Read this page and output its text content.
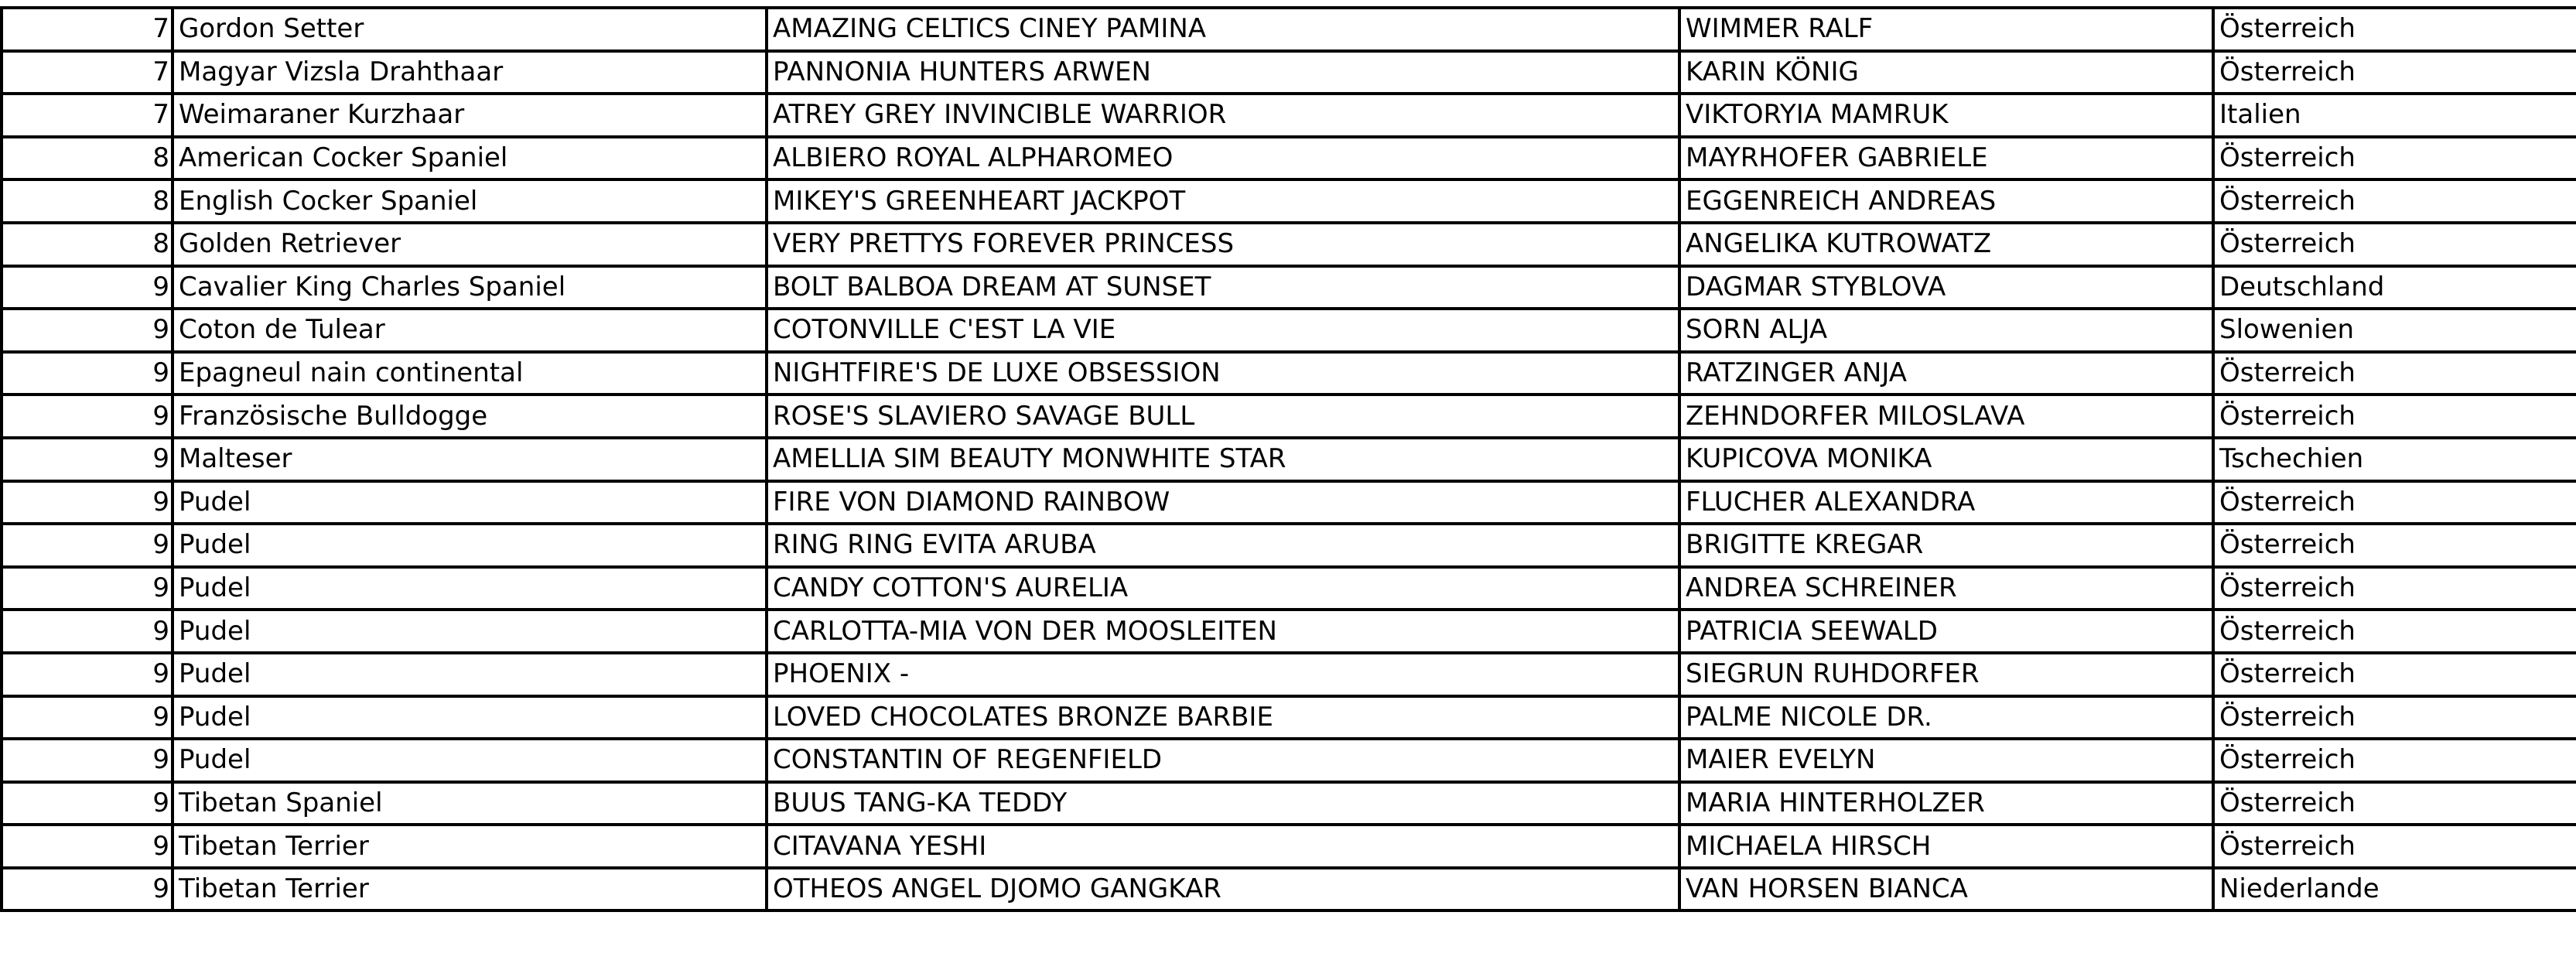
7	Gordon Setter	AMAZING CELTICS CINEY PAMINA	WIMMER RALF	Österreich
7	Magyar Vizsla Drahthaar	PANNONIA HUNTERS ARWEN	KARIN KÖNIG	Österreich
7	Weimaraner Kurzhaar	ATREY GREY INVINCIBLE WARRIOR	VIKTORYIA MAMRUK	Italien
8	American Cocker Spaniel	ALBIERO ROYAL ALPHAROMEO	MAYRHOFER GABRIELE	Österreich
8	English Cocker Spaniel	MIKEY'S GREENHEART JACKPOT	EGGENREICH ANDREAS	Österreich
8	Golden Retriever	VERY PRETTYS FOREVER PRINCESS	ANGELIKA KUTROWATZ	Österreich
9	Cavalier King Charles Spaniel	BOLT BALBOA DREAM AT SUNSET	DAGMAR STYBLOVA	Deutschland
9	Coton de Tulear	COTONVILLE C'EST LA VIE	SORN ALJA	Slowenien
9	Epagneul nain continental	NIGHTFIRE'S DE LUXE OBSESSION	RATZINGER ANJA	Österreich
9	Französische Bulldogge	ROSE'S SLAVIERO SAVAGE BULL	ZEHNDORFER MILOSLAVA	Österreich
9	Malteser	AMELLIA SIM BEAUTY MONWHITE STAR	KUPICOVA MONIKA	Tschechien
9	Pudel	FIRE VON DIAMOND RAINBOW	FLUCHER ALEXANDRA	Österreich
9	Pudel	RING RING EVITA ARUBA	BRIGITTE KREGAR	Österreich
9	Pudel	CANDY COTTON'S AURELIA	ANDREA SCHREINER	Österreich
9	Pudel	CARLOTTA-MIA VON DER MOOSLEITEN	PATRICIA SEEWALD	Österreich
9	Pudel	PHOENIX -	SIEGRUN RUHDORFER	Österreich
9	Pudel	LOVED CHOCOLATES BRONZE BARBIE	PALME NICOLE DR.	Österreich
9	Pudel	CONSTANTIN OF REGENFIELD	MAIER EVELYN	Österreich
9	Tibetan Spaniel	BUUS TANG-KA TEDDY	MARIA HINTERHOLZER	Österreich
9	Tibetan Terrier	CITAVANA YESHI	MICHAELA HIRSCH	Österreich
9	Tibetan Terrier	OTHEOS ANGEL DJOMO GANGKAR	VAN HORSEN BIANCA	Niederlande
